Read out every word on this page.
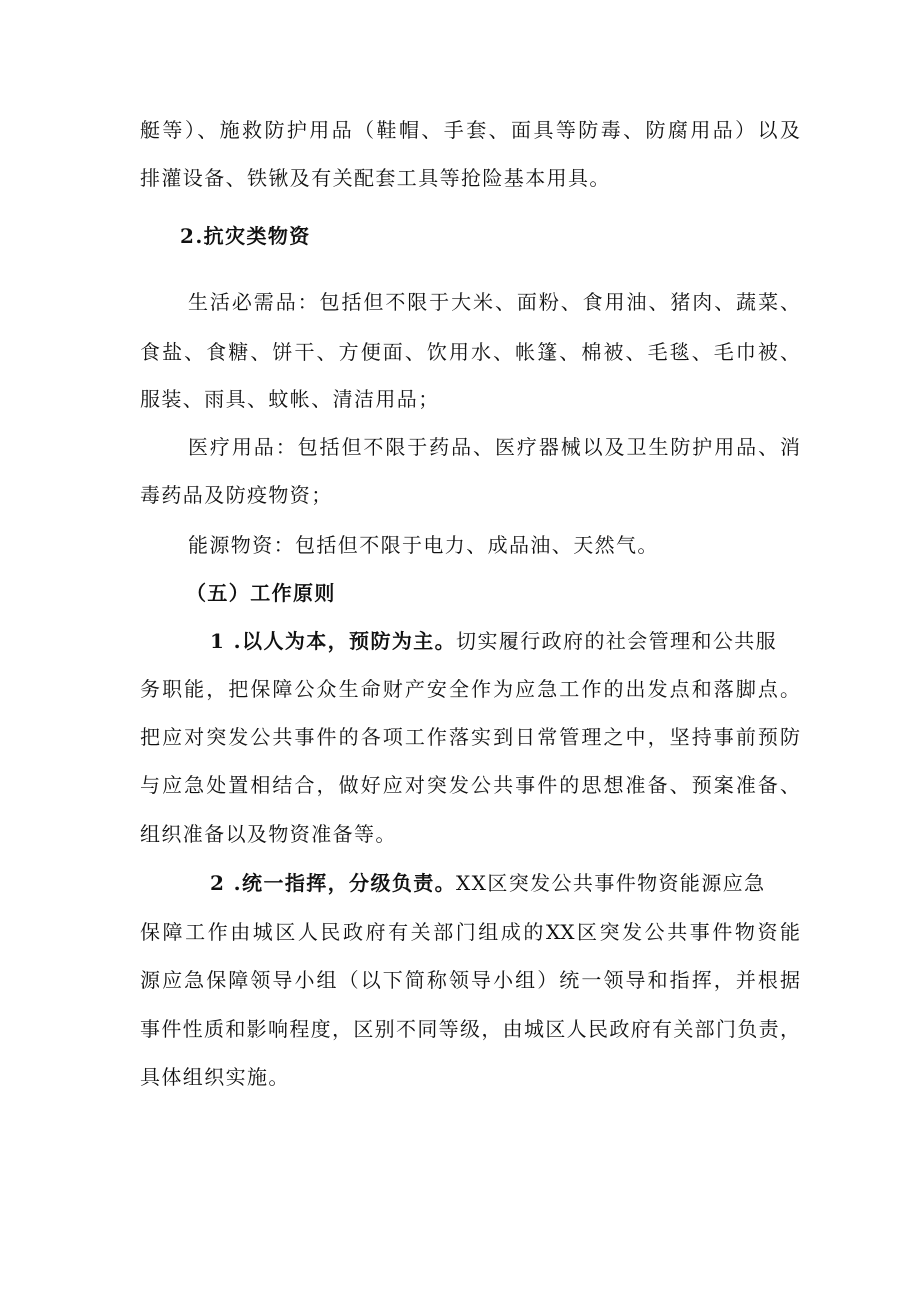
艇等）、施救防护用品（鞋帽、手套、面具等防毒、防腐用品）以及
排灌设备、铁锹及有关配套工具等抢险基本用具。
2.抗灾类物资
生活必需品：包括但不限于大米、面粉、食用油、猪肉、蔬菜、
食盐、食糖、饼干、方便面、饮用水、帐篷、棉被、毛毯、毛巾被、
服装、雨具、蚊帐、清洁用品；
医疗用品：包括但不限于药品、医疗器械以及卫生防护用品、消
毒药品及防疫物资；
能源物资：包括但不限于电力、成品油、天然气。
（五）工作原则
1 .以人为本，预防为主。切实履行政府的社会管理和公共服
务职能，把保障公众生命财产安全作为应急工作的出发点和落脚点。
把应对突发公共事件的各项工作落实到日常管理之中，坚持事前预防
与应急处置相结合，做好应对突发公共事件的思想准备、预案准备、
组织准备以及物资准备等。
2 .统一指挥，分级负责。XX区突发公共事件物资能源应急
保障工作由城区人民政府有关部门组成的XX区突发公共事件物资能
源应急保障领导小组（以下简称领导小组）统一领导和指挥，并根据
事件性质和影响程度，区别不同等级，由城区人民政府有关部门负责，
具体组织实施。
